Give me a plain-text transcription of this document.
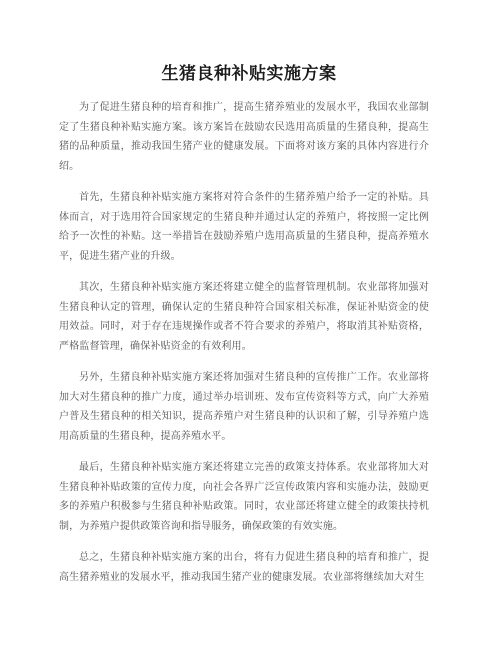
生猪良种补贴实施方案

为了促进生猪良种的培育和推广，提高生猪养殖业的发展水平，我国农业部制定了生猪良种补贴实施方案。该方案旨在鼓励农民选用高质量的生猪良种，提高生猪的品种质量，推动我国生猪产业的健康发展。下面将对该方案的具体内容进行介绍。

首先，生猪良种补贴实施方案将对符合条件的生猪养殖户给予一定的补贴。具体而言，对于选用符合国家规定的生猪良种并通过认定的养殖户，将按照一定比例给予一次性的补贴。这一举措旨在鼓励养殖户选用高质量的生猪良种，提高养殖水平，促进生猪产业的升级。

其次，生猪良种补贴实施方案还将建立健全的监督管理机制。农业部将加强对生猪良种认定的管理，确保认定的生猪良种符合国家相关标准，保证补贴资金的使用效益。同时，对于存在违规操作或者不符合要求的养殖户，将取消其补贴资格，严格监督管理，确保补贴资金的有效利用。

另外，生猪良种补贴实施方案还将加强对生猪良种的宣传推广工作。农业部将加大对生猪良种的推广力度，通过举办培训班、发布宣传资料等方式，向广大养殖户普及生猪良种的相关知识，提高养殖户对生猪良种的认识和了解，引导养殖户选用高质量的生猪良种，提高养殖水平。

最后，生猪良种补贴实施方案还将建立完善的政策支持体系。农业部将加大对生猪良种补贴政策的宣传力度，向社会各界广泛宣传政策内容和实施办法，鼓励更多的养殖户积极参与生猪良种补贴政策。同时，农业部还将建立健全的政策扶持机制，为养殖户提供政策咨询和指导服务，确保政策的有效实施。

总之，生猪良种补贴实施方案的出台，将有力促进生猪良种的培育和推广，提高生猪养殖业的发展水平，推动我国生猪产业的健康发展。农业部将继续加大对生
